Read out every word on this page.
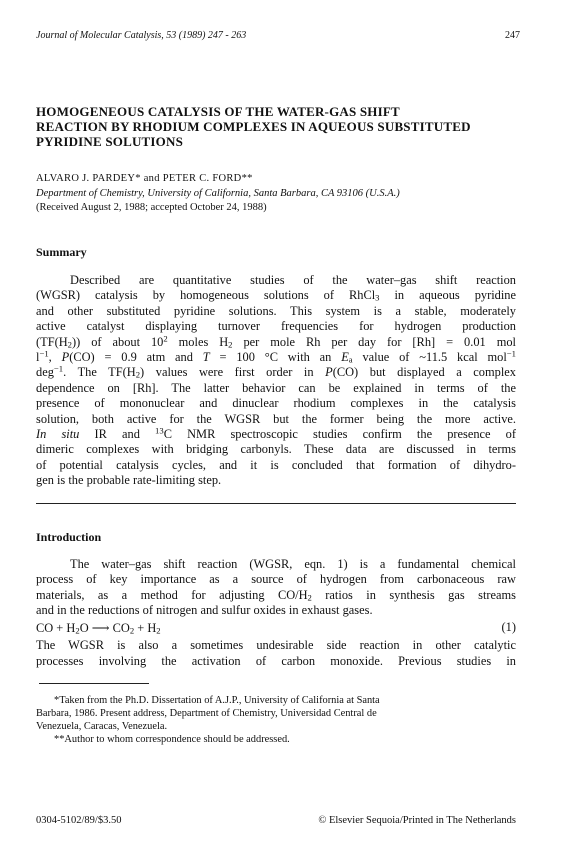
Journal of Molecular Catalysis, 53 (1989) 247 - 263	247
HOMOGENEOUS CATALYSIS OF THE WATER-GAS SHIFT
REACTION BY RHODIUM COMPLEXES IN AQUEOUS SUBSTITUTED
PYRIDINE SOLUTIONS
ALVARO J. PARDEY* and PETER C. FORD**
Department of Chemistry, University of California, Santa Barbara, CA 93106 (U.S.A.)
(Received August 2, 1988; accepted October 24, 1988)
Summary
Described are quantitative studies of the water–gas shift reaction
(WGSR) catalysis by homogeneous solutions of RhCl$_3$ in aqueous pyridine
and other substituted pyridine solutions. This system is a stable, moderately
active catalyst displaying turnover frequencies for hydrogen production
$(TF(H_2))$ of about $10^2$ moles $H_2$ per mole Rh per day for [Rh] = 0.01 mol
$l^{-1}$, P(CO) = 0.9 atm and T = 100 °C with an $E_a$ value of ~11.5 kcal mol$^{-1}$
deg$^{-1}$. The $TF(H_2)$ values were first order in P(CO) but displayed a complex
dependence on [Rh]. The latter behavior can be explained in terms of the
presence of mononuclear and dinuclear rhodium complexes in the catalysis
solution, both active for the WGSR but the former being the more active.
In situ IR and $^{13}$C NMR spectroscopic studies confirm the presence of
dimeric complexes with bridging carbonyls. These data are discussed in terms
of potential catalysis cycles, and it is concluded that formation of dihydro-
gen is the probable rate-limiting step.
Introduction
The water–gas shift reaction (WGSR, eqn. 1) is a fundamental chemical
process of key importance as a source of hydrogen from carbonaceous raw
materials, as a method for adjusting $CO/H_2$ ratios in synthesis gas streams
and in the reductions of nitrogen and sulfur oxides in exhaust gases.
CO + $H_2O$ ⟶ $CO_2 + H_2$	(1)
The WGSR is also a sometimes undesirable side reaction in other catalytic
processes involving the activation of carbon monoxide. Previous studies in
*Taken from the Ph.D. Dissertation of A.J.P., University of California at Santa
Barbara, 1986. Present address, Department of Chemistry, Universidad Central de
Venezuela, Caracas, Venezuela.
**Author to whom correspondence should be addressed.
0304-5102/89/$3.50	© Elsevier Sequoia/Printed in The Netherlands
